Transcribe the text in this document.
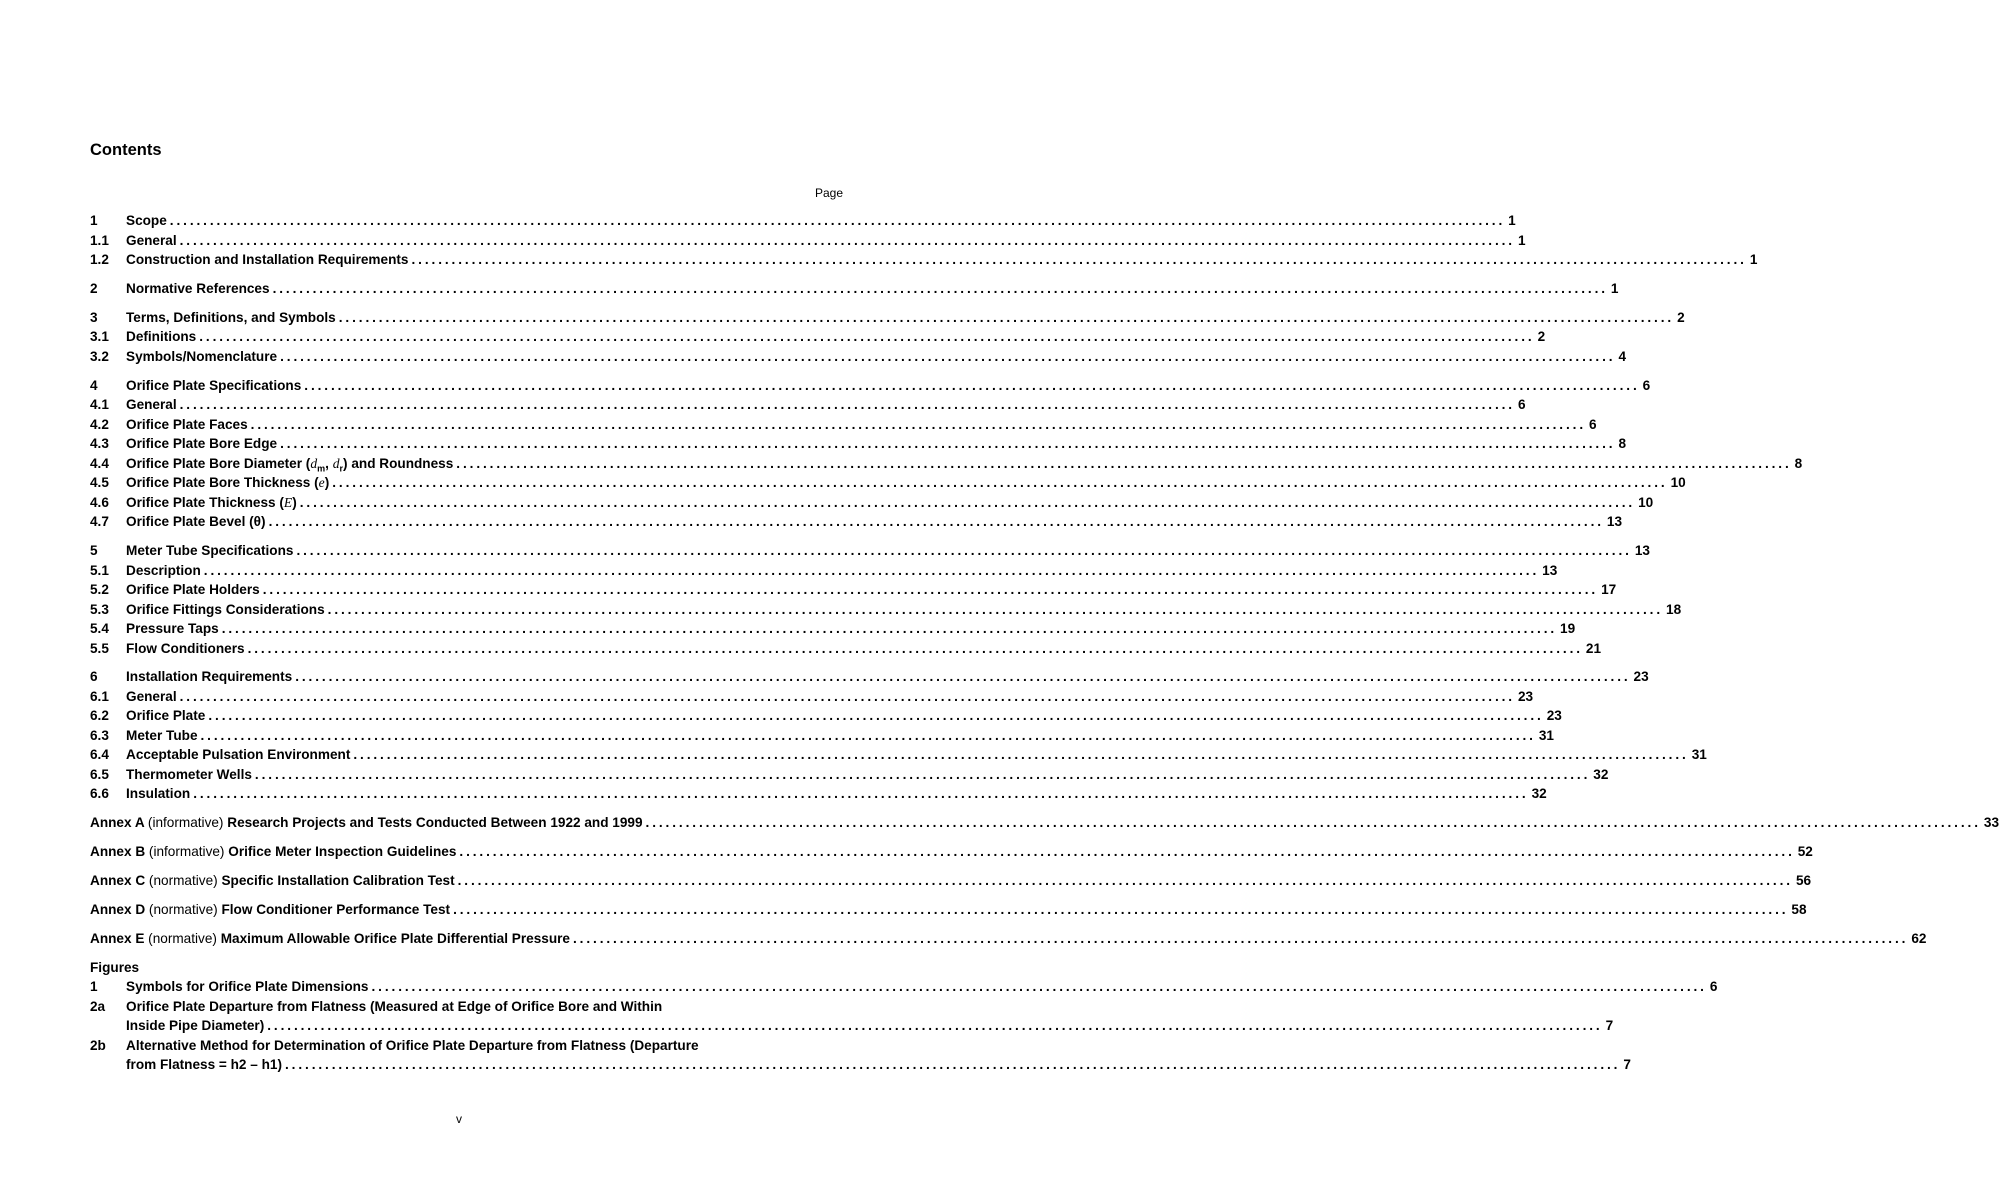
Contents
Page
1	Scope ........................................................................................................................................................................................................ 1
1.1	General ........................................................................................................................................................................................................ 1
1.2	Construction and Installation Requirements ........................................................................................................................................................................................................ 1
2	Normative References ........................................................................................................................................................................................................ 1
3	Terms, Definitions, and Symbols ........................................................................................................................................................................................................ 2
3.1	Definitions ........................................................................................................................................................................................................ 2
3.2	Symbols/Nomenclature ........................................................................................................................................................................................................ 4
4	Orifice Plate Specifications ........................................................................................................................................................................................................ 6
4.1	General ........................................................................................................................................................................................................ 6
4.2	Orifice Plate Faces ........................................................................................................................................................................................................ 6
4.3	Orifice Plate Bore Edge ........................................................................................................................................................................................................ 8
4.4	Orifice Plate Bore Diameter ($d_m$, $d_r$) and Roundness ........................................................................................................................................................................................................ 8
4.5	Orifice Plate Bore Thickness (e) ........................................................................................................................................................................................................ 10
4.6	Orifice Plate Thickness (E) ........................................................................................................................................................................................................ 10
4.7	Orifice Plate Bevel (θ) ........................................................................................................................................................................................................ 13
5	Meter Tube Specifications ........................................................................................................................................................................................................ 13
5.1	Description ........................................................................................................................................................................................................ 13
5.2	Orifice Plate Holders ........................................................................................................................................................................................................ 17
5.3	Orifice Fittings Considerations ........................................................................................................................................................................................................ 18
5.4	Pressure Taps ........................................................................................................................................................................................................ 19
5.5	Flow Conditioners ........................................................................................................................................................................................................ 21
6	Installation Requirements ........................................................................................................................................................................................................ 23
6.1	General ........................................................................................................................................................................................................ 23
6.2	Orifice Plate ........................................................................................................................................................................................................ 23
6.3	Meter Tube ........................................................................................................................................................................................................ 31
6.4	Acceptable Pulsation Environment ........................................................................................................................................................................................................ 31
6.5	Thermometer Wells ........................................................................................................................................................................................................ 32
6.6	Insulation ........................................................................................................................................................................................................ 32
Annex A (informative) Research Projects and Tests Conducted Between 1922 and 1999 ........................................................................................................................................................................................................ 33
Annex B (informative) Orifice Meter Inspection Guidelines ........................................................................................................................................................................................................ 52
Annex C (normative) Specific Installation Calibration Test ........................................................................................................................................................................................................ 56
Annex D (normative) Flow Conditioner Performance Test ........................................................................................................................................................................................................ 58
Annex E (normative) Maximum Allowable Orifice Plate Differential Pressure ........................................................................................................................................................................................................ 62
Figures
1	Symbols for Orifice Plate Dimensions ........................................................................................................................................................................................................ 6
2a	Orifice Plate Departure from Flatness (Measured at Edge of Orifice Bore and Within
Inside Pipe Diameter) ........................................................................................................................................................................................................ 7
2b	Alternative Method for Determination of Orifice Plate Departure from Flatness (Departure
from Flatness = h2 – h1) ........................................................................................................................................................................................................ 7
v
